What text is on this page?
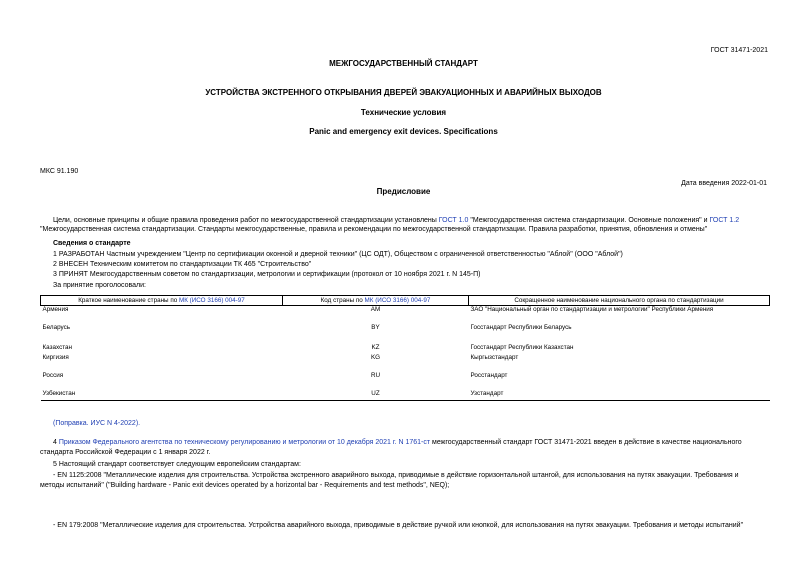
ГОСТ 31471-2021
МЕЖГОСУДАРСТВЕННЫЙ СТАНДАРТ
УСТРОЙСТВА ЭКСТРЕННОГО ОТКРЫВАНИЯ ДВЕРЕЙ ЭВАКУАЦИОННЫХ И АВАРИЙНЫХ ВЫХОДОВ
Технические условия
Panic and emergency exit devices. Specifications
МКС 91.190
Дата введения 2022-01-01
Предисловие
Цели, основные принципы и общие правила проведения работ по межгосударственной стандартизации установлены ГОСТ 1.0 "Межгосударственная система стандартизации. Основные положения" и ГОСТ 1.2 "Межгосударственная система стандартизации. Стандарты межгосударственные, правила и рекомендации по межгосударственной стандартизации. Правила разработки, принятия, обновления и отмены"
Сведения о стандарте
1 РАЗРАБОТАН Частным учреждением "Центр по сертификации оконной и дверной техники" (ЦС ОДТ), Обществом с ограниченной ответственностью "Аблой" (ООО "Аблой")
2 ВНЕСЕН Техническим комитетом по стандартизации ТК 465 "Строительство"
3 ПРИНЯТ Межгосударственным советом по стандартизации, метрологии и сертификации (протокол от 10 ноября 2021 г. N 145-П)
За принятие проголосовали:
Краткое наименование страны по МК (ИСО 3166) 004-97	Код страны по МК (ИСО 3166) 004-97	Сокращенное наименование национального органа по стандартизации
Армения	AM	ЗАО "Национальный орган по стандартизации и метрологии" Республики Армения
Беларусь	BY	Госстандарт Республики Беларусь
Казахстан	KZ	Госстандарт Республики Казахстан
Киргизия	KG	Кыргызстандарт
Россия	RU	Росстандарт
Узбекистан	UZ	Узстандарт
(Поправка. ИУС N 4-2022).
4 Приказом Федерального агентства по техническому регулированию и метрологии от 10 декабря 2021 г. N 1761-ст межгосударственный стандарт ГОСТ 31471-2021 введен в действие в качестве национального
стандарта Российской Федерации с 1 января 2022 г.
5 Настоящий стандарт соответствует следующим европейским стандартам:
- EN 1125:2008 "Металлические изделия для строительства. Устройства экстренного аварийного выхода, приводимые в действие горизонтальной штангой, для использования на путях эвакуации. Требования и
методы испытаний" ("Building hardware - Panic exit devices operated by a horizontal bar - Requirements and test methods", NEQ);
- EN 179:2008 "Металлические изделия для строительства. Устройства аварийного выхода, приводимые в действие ручкой или кнопкой, для использования на путях эвакуации. Требования и методы испытаний"
